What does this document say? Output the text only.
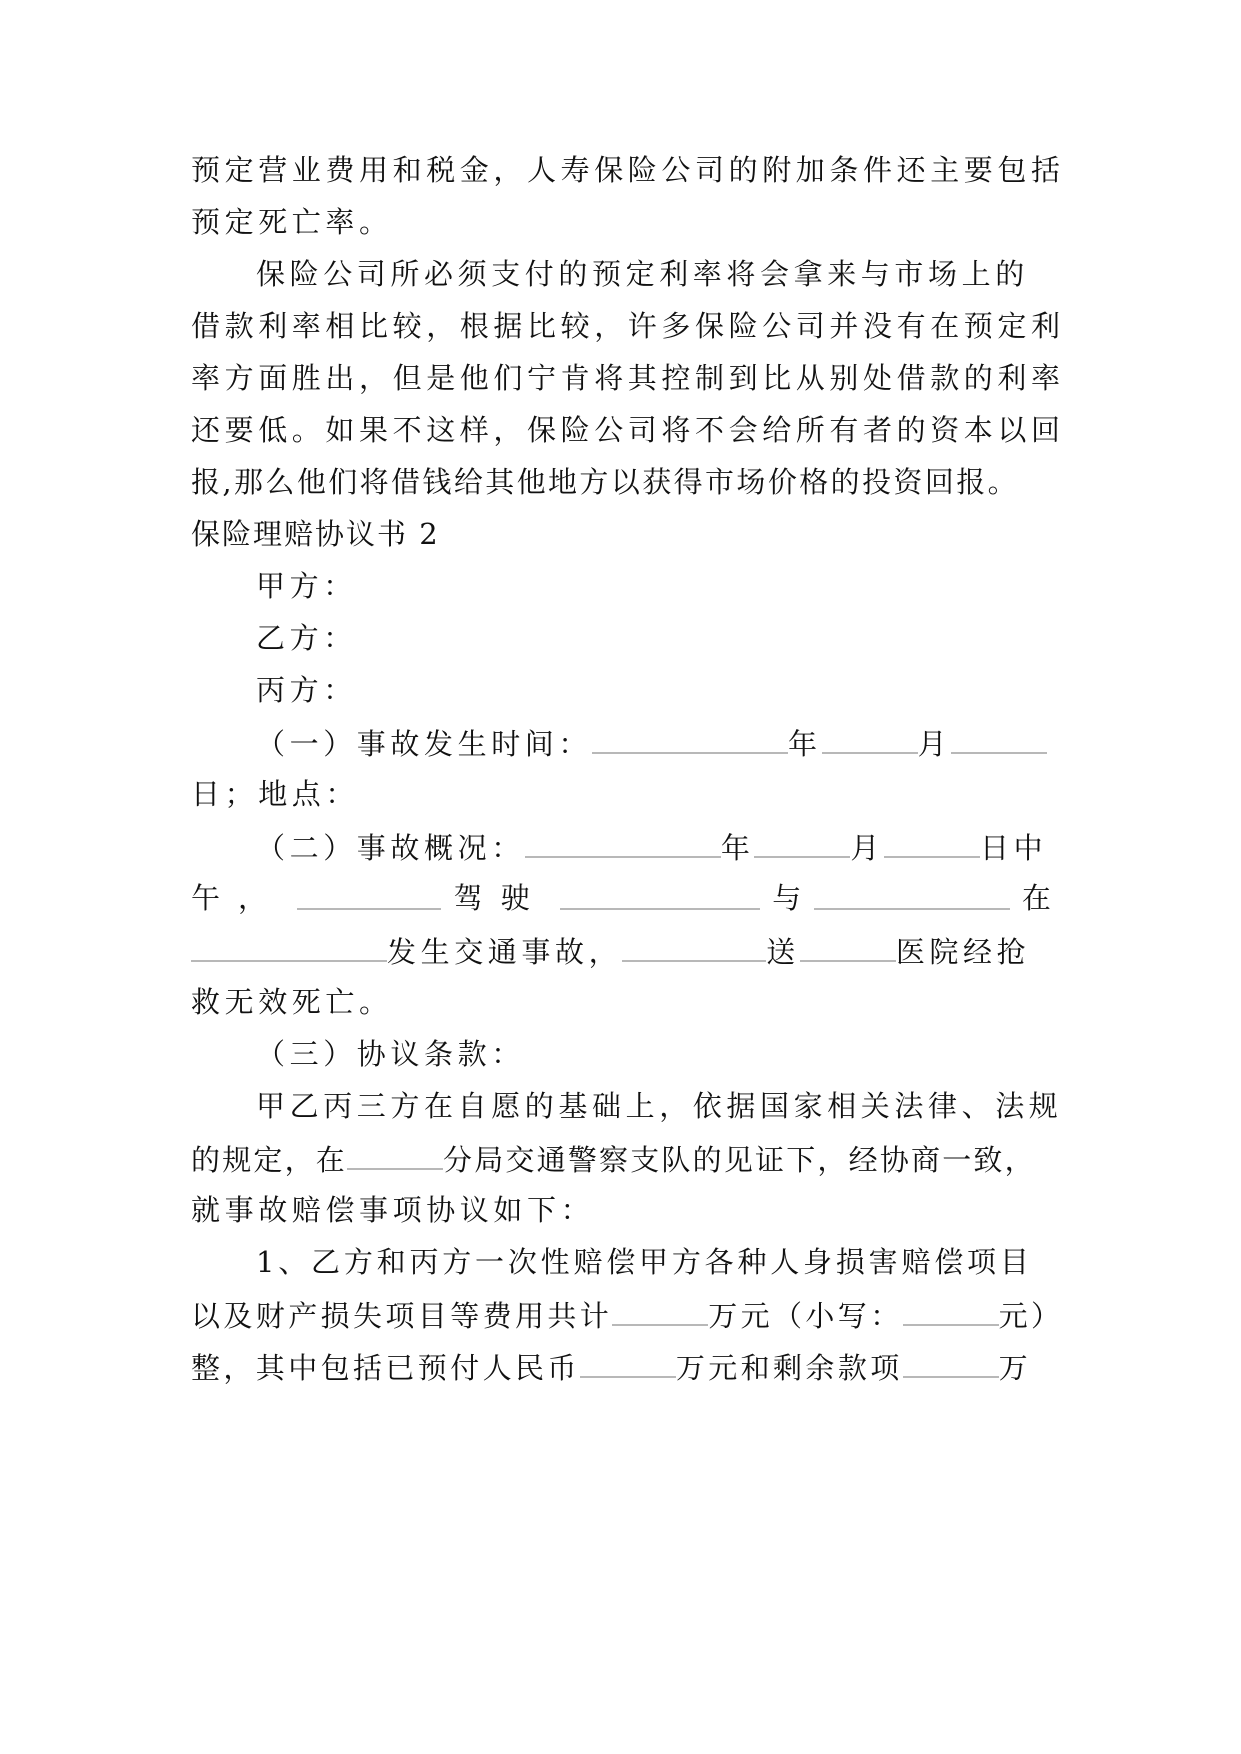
预定营业费用和税金，人寿保险公司的附加条件还主要包括
预定死亡率。
保险公司所必须支付的预定利率将会拿来与市场上的
借款利率相比较，根据比较，许多保险公司并没有在预定利
率方面胜出，但是他们宁肯将其控制到比从别处借款的利率
还要低。如果不这样，保险公司将不会给所有者的资本以回
报,那么他们将借钱给其他地方以获得市场价格的投资回报。
保险理赔协议书 2
甲方：
乙方：
丙方：
（一）事故发生时间：	年	月
日；地点：
（二）事故概况：	年	月	日中
午，	驾驶	与	在
发生交通事故，	送	医院经抢
救无效死亡。
（三）协议条款：
甲乙丙三方在自愿的基础上，依据国家相关法律、法规
的规定，在	分局交通警察支队的见证下，经协商一致，
就事故赔偿事项协议如下：
1、乙方和丙方一次性赔偿甲方各种人身损害赔偿项目
以及财产损失项目等费用共计	万元（小写：	元）
整，其中包括已预付人民币	万元和剩余款项	万
